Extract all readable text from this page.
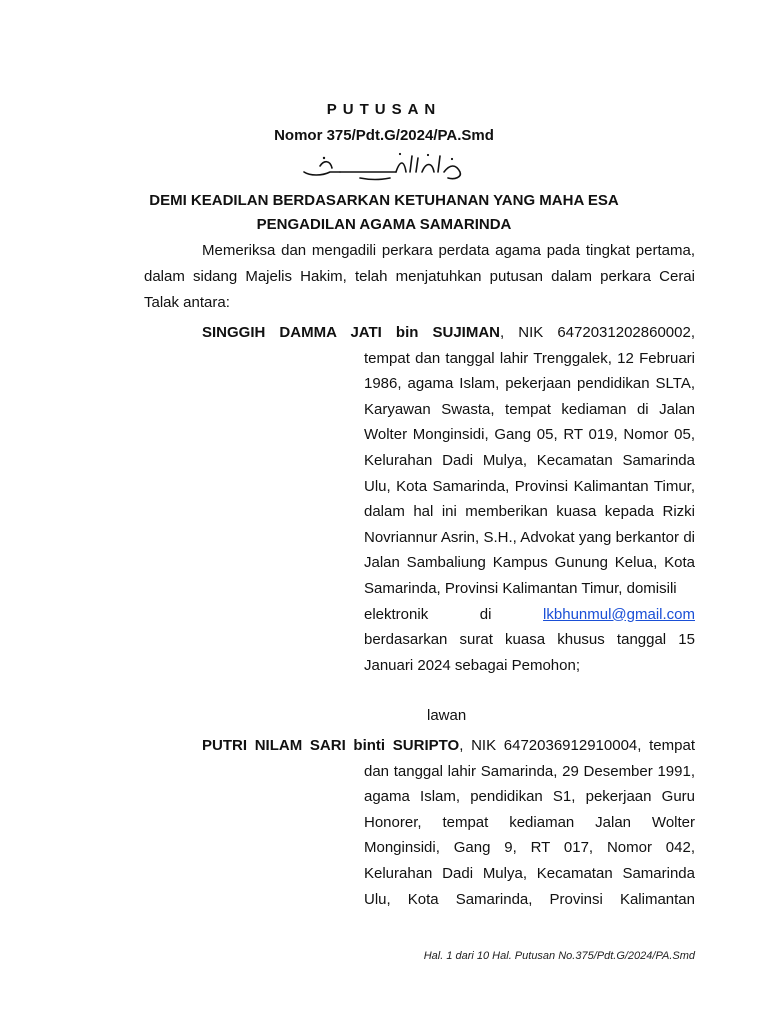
PUTUSAN
Nomor 375/Pdt.G/2024/PA.Smd
DEMI KEADILAN BERDASARKAN KETUHANAN YANG MAHA ESA
PENGADILAN AGAMA SAMARINDA
Memeriksa dan mengadili perkara perdata agama pada tingkat pertama, dalam sidang Majelis Hakim, telah menjatuhkan putusan dalam perkara Cerai Talak antara:
SINGGIH DAMMA JATI bin SUJIMAN, NIK 6472031202860002,
tempat dan tanggal lahir Trenggalek, 12 Februari 1986, agama Islam, pekerjaan pendidikan SLTA, Karyawan Swasta, tempat kediaman di Jalan Wolter Monginsidi, Gang 05, RT 019, Nomor 05, Kelurahan Dadi Mulya, Kecamatan Samarinda Ulu, Kota Samarinda, Provinsi Kalimantan Timur, dalam hal ini memberikan kuasa kepada Rizki Novriannur Asrin, S.H., Advokat yang berkantor di Jalan Sambaliung Kampus Gunung Kelua, Kota Samarinda, Provinsi Kalimantan Timur, domisili
elektronik	di	lkbhunmul@gmail.com
berdasarkan surat kuasa khusus tanggal 15 Januari 2024 sebagai Pemohon;
lawan
PUTRI NILAM SARI binti SURIPTO, NIK 6472036912910004, tempat
dan tanggal lahir Samarinda, 29 Desember 1991, agama Islam, pendidikan S1, pekerjaan Guru Honorer, tempat kediaman Jalan Wolter Monginsidi, Gang 9, RT 017, Nomor 042, Kelurahan Dadi Mulya, Kecamatan Samarinda Ulu, Kota Samarinda, Provinsi Kalimantan
Hal. 1 dari 10 Hal. Putusan No.375/Pdt.G/2024/PA.Smd
